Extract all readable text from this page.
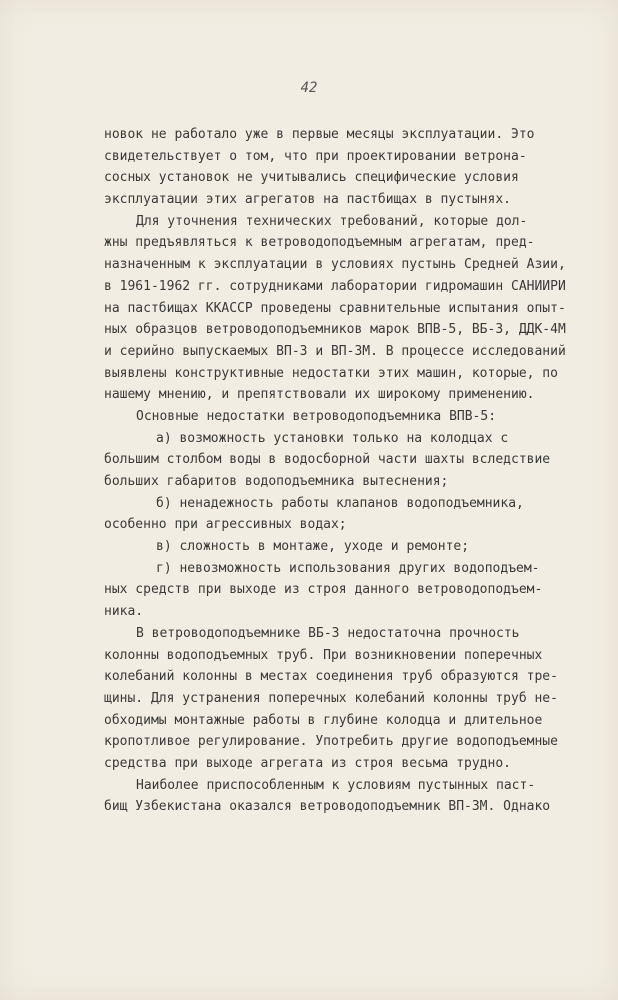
42
новок не работало уже в первые месяцы эксплуатации. Это
свидетельствует о том, что при проектировании ветрона-
сосных установок не учитывались специфические условия
эксплуатации этих агрегатов на пастбищах в пустынях.
Для уточнения технических требований, которые дол-
жны предъявляться к ветроводоподъемным агрегатам, пред-
назначенным к эксплуатации в условиях пустынь Средней Азии,
в 1961-1962 гг. сотрудниками лаборатории гидромашин САНИИРИ
на пастбищах ККАССР проведены сравнительные испытания опыт-
ных образцов ветроводоподъемников марок ВПВ-5, ВБ-3, ДДК-4М
и серийно выпускаемых ВП-3 и ВП-3М. В процессе исследований
выявлены конструктивные недостатки этих машин, которые, по
нашему мнению, и препятствовали их широкому применению.
Основные недостатки ветроводоподъемника ВПВ-5:
а) возможность установки только на колодцах с
большим столбом воды в водосборной части шахты вследствие
больших габаритов водоподъемника вытеснения;
б) ненадежность работы клапанов водоподъемника,
особенно при агрессивных водах;
в) сложность в монтаже, уходе и ремонте;
г) невозможность использования других водоподъем-
ных средств при выходе из строя данного ветроводоподъем-
ника.
В ветроводоподъемнике ВБ-3 недостаточна прочность
колонны водоподъемных труб. При возникновении поперечных
колебаний колонны в местах соединения труб образуются тре-
щины. Для устранения поперечных колебаний колонны труб не-
обходимы монтажные работы в глубине колодца и длительное
кропотливое регулирование. Употребить другие водоподъемные
средства при выходе агрегата из строя весьма трудно.
Наиболее приспособленным к условиям пустынных паст-
бищ Узбекистана оказался ветроводоподъемник ВП-3М. Однако
